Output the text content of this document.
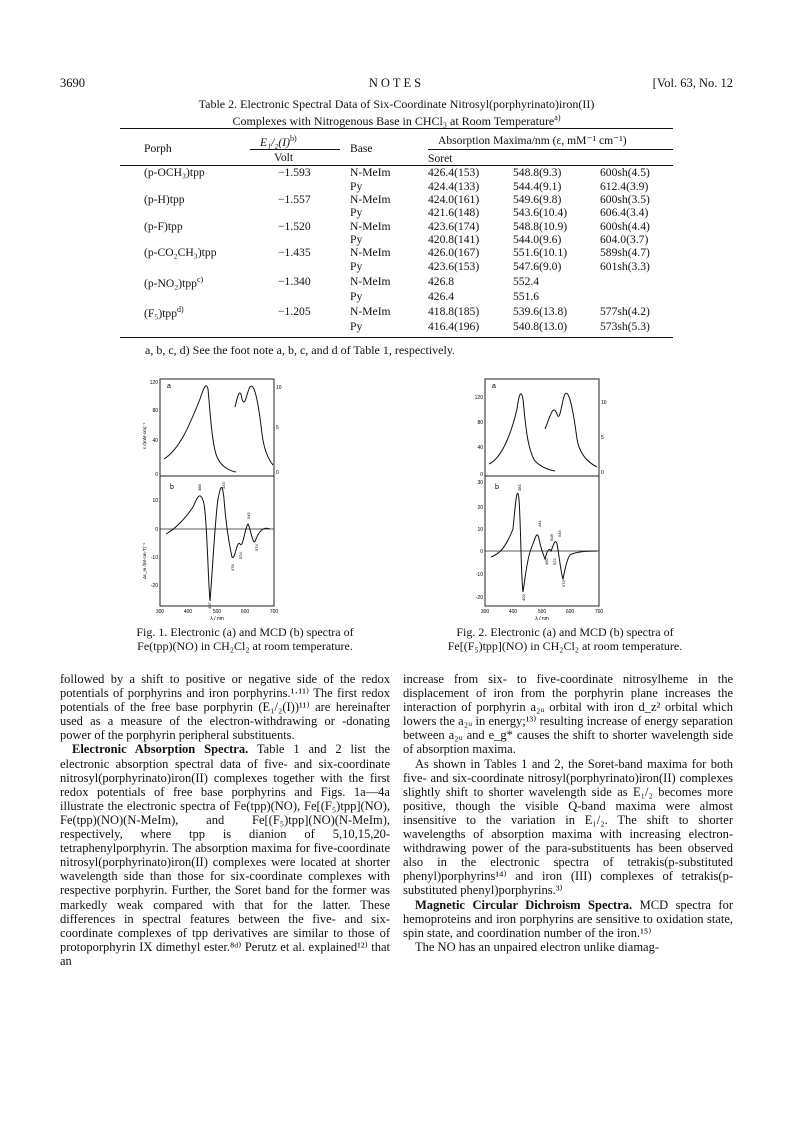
3690	NOTES	[Vol. 63, No. 12
Table 2. Electronic Spectral Data of Six-Coordinate Nitrosyl(porphyrinato)iron(II)
Complexes with Nitrogenous Base in CHCl₃ at Room Temperature$^{a)}$
Porph	$E_1/_2(I)^{b)}$	Base	Absorption Maxima/nm (ε, mM⁻¹ cm⁻¹)		
	Volt		Soret		
(p-OCH₃)tpp	−1.593	N-MeIm	426.4(153)	548.8(9.3)	600sh(4.5)
		Py	424.4(133)	544.4(9.1)	612.4(3.9)
(p-H)tpp	−1.557	N-MeIm	424.0(161)	549.6(9.8)	600sh(3.5)
		Py	421.6(148)	543.6(10.4)	606.4(3.4)
(p-F)tpp	−1.520	N-MeIm	423.6(174)	548.8(10.9)	600sh(4.4)
		Py	420.8(141)	544.0(9.6)	604.0(3.7)
(p-CO₂CH₃)tpp	−1.435	N-MeIm	426.0(167)	551.6(10.1)	589sh(4.7)
		Py	423.6(153)	547.6(9.0)	601sh(3.3)
(p-NO₂)tpp$^{c)}$	−1.340	N-MeIm	426.8	552.4	
		Py	426.4	551.6	
(F₅)tpp$^{d)}$	−1.205	N-MeIm	418.8(185)	539.6(13.8)	577sh(4.2)
		Py	416.4(196)	540.8(13.0)	573sh(5.3)
a, b, c, d) See the foot note a, b, c, and d of Table 1, respectively.
a
b
120
80
40
0
10
5
0
10
0
-10
-20
300	400	500	600	700
λ / nm
ε /(mM·cm)⁻¹
Δε_m /(M·cm·T)⁻¹
388	433
545
478
524
574
407
a
b
120
80
40
0
10
5
0
30
20
10
0
-10
-20
300	400	500	600	700
λ / nm
381
441
508
545
490 522
403
572
Fig. 1. Electronic (a) and MCD (b) spectra of
Fe(tpp)(NO) in CH₂Cl₂ at room temperature.
Fig. 2. Electronic (a) and MCD (b) spectra of
Fe[(F₅)tpp](NO) in CH₂Cl₂ at room temperature.

followed by a shift to positive or negative side of the redox potentials of porphyrins and iron porphyrins.¹·¹¹⁾ The first redox potentials of the free base porphyrin (E₁/₂(I))¹¹⁾ are hereinafter used as a measure of the electron-withdrawing or -donating power of the porphyrin peripheral substituents.

Electronic Absorption Spectra. Table 1 and 2 list the electronic absorption spectral data of five- and six-coordinate nitrosyl(porphyrinato)iron(II) complexes together with the first redox potentials of free base porphyrins and Figs. 1a—4a illustrate the electronic spectra of Fe(tpp)(NO), Fe[(F₅)tpp](NO), Fe(tpp)(NO)(N-MeIm), and Fe[(F₅)tpp](NO)(N-MeIm), respectively, where tpp is dianion of 5,10,15,20-tetraphenylporphyrin. The absorption maxima for five-coordinate nitrosyl(porphyrinato)iron(II) complexes were located at shorter wavelength side than those for six-coordinate complexes with respective porphyrin. Further, the Soret band for the former was markedly weak compared with that for the latter. These differences in spectral features between the five- and six-coordinate complexes of tpp derivatives are similar to those of protoporphyrin IX dimethyl ester.⁸ᵈ⁾ Perutz et al. explained¹²⁾ that an

increase from six- to five-coordinate nitrosylheme in the displacement of iron from the porphyrin plane increases the interaction of porphyrin a₂ᵤ orbital with iron d_z² orbital which lowers the a₂ᵤ in energy;¹³⁾ resulting increase of energy separation between a₂ᵤ and e_g* causes the shift to shorter wavelength side of absorption maxima.

As shown in Tables 1 and 2, the Soret-band maxima for both five- and six-coordinate nitrosyl(porphyrinato)iron(II) complexes slightly shift to shorter wavelength side as E₁/₂ becomes more positive, though the visible Q-band maxima were almost insensitive to the variation in E₁/₂. The shift to shorter wavelengths of absorption maxima with increasing electron-withdrawing power of the para-substituents has been observed also in the electronic spectra of tetrakis(p-substituted phenyl)porphyrins¹⁴⁾ and iron (III) complexes of tetrakis(p-substituted phenyl)porphyrins.³⁾

Magnetic Circular Dichroism Spectra. MCD spectra for hemoproteins and iron porphyrins are sensitive to oxidation state, spin state, and coordination number of the iron.¹⁵⁾

The NO has an unpaired electron unlike diamag-
